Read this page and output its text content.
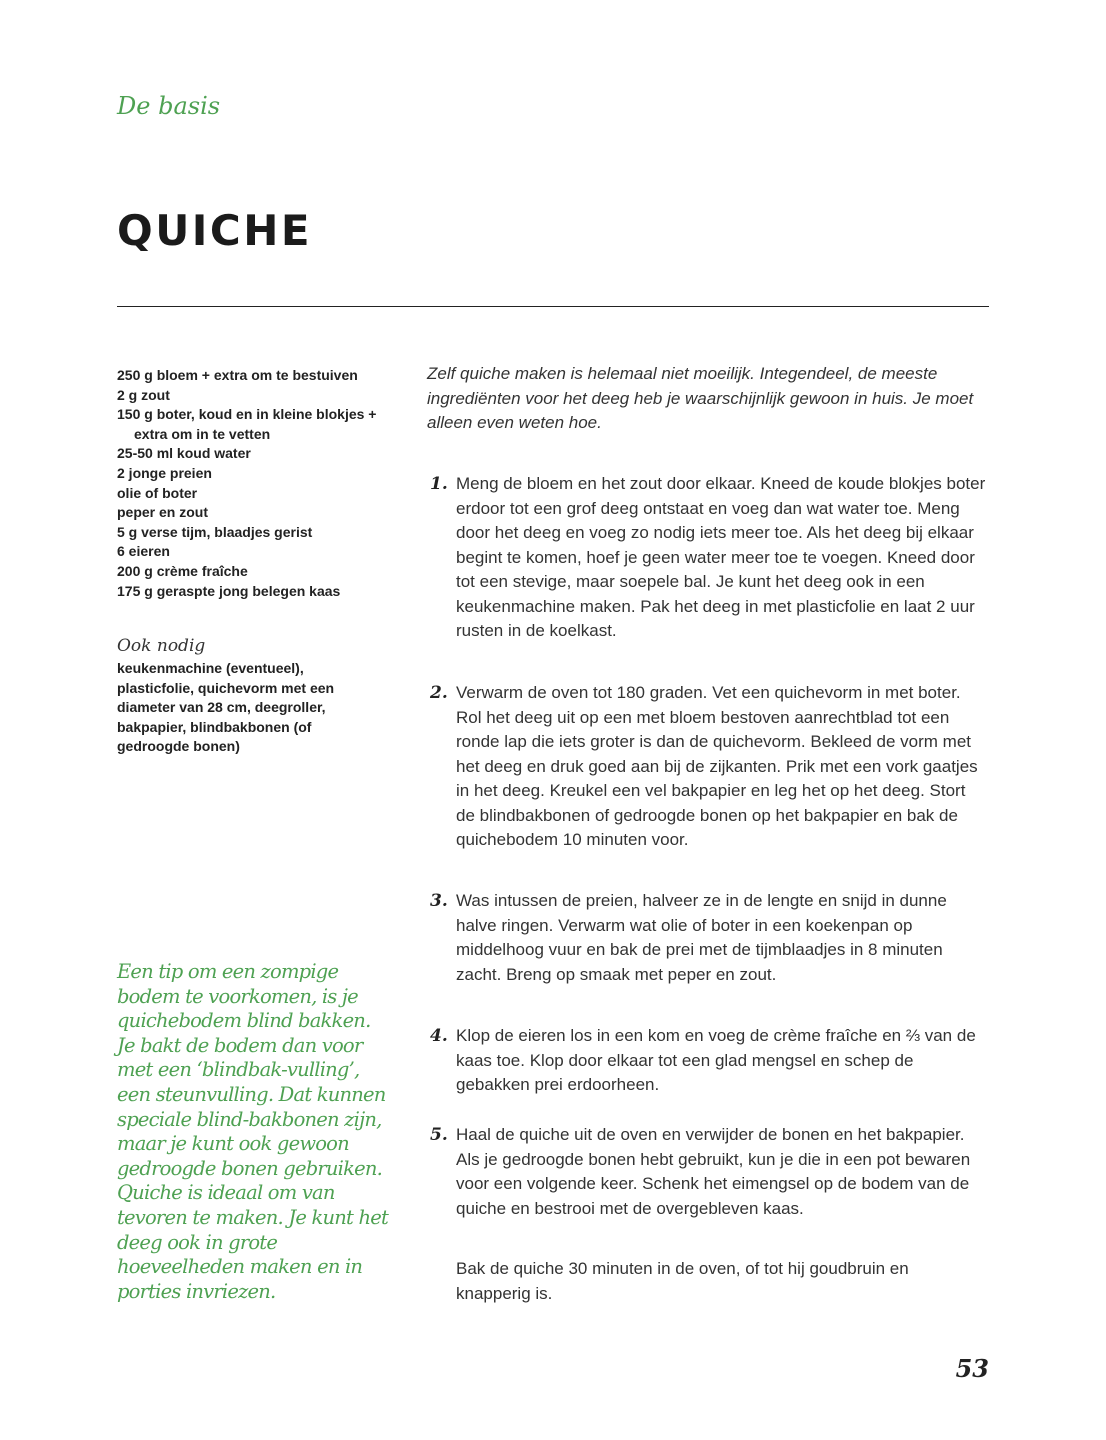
De basis
QUICHE
250 g bloem + extra om te bestuiven
2 g zout
150 g boter, koud en in kleine blokjes + extra om in te vetten
25-50 ml koud water
2 jonge preien
olie of boter
peper en zout
5 g verse tijm, blaadjes gerist
6 eieren
200 g crème fraîche
175 g geraspte jong belegen kaas
Ook nodig

keukenmachine (eventueel), plasticfolie, quichevorm met een diameter van 28 cm, deegroller, bakpapier, blindbakbonen (of gedroogde bonen)

Een tip om een zompige bodem te voorkomen, is je quichebodem blind bakken. Je bakt de bodem dan voor met een ‘blindbak-vulling’, een steunvulling. Dat kunnen speciale blind-bakbonen zijn, maar je kunt ook gewoon gedroogde bonen gebruiken. Quiche is ideaal om van tevoren te maken. Je kunt het deeg ook in grote hoeveelheden maken en in porties invriezen.

Zelf quiche maken is helemaal niet moeilijk. Integendeel, de meeste ingrediënten voor het deeg heb je waarschijnlijk gewoon in huis. Je moet alleen even weten hoe.

1. Meng de bloem en het zout door elkaar. Kneed de koude blokjes boter erdoor tot een grof deeg ontstaat en voeg dan wat water toe. Meng door het deeg en voeg zo nodig iets meer toe. Als het deeg bij elkaar begint te komen, hoef je geen water meer toe te voegen. Kneed door tot een stevige, maar soepele bal. Je kunt het deeg ook in een keukenmachine maken. Pak het deeg in met plasticfolie en laat 2 uur rusten in de koelkast.

2. Verwarm de oven tot 180 graden. Vet een quichevorm in met boter. Rol het deeg uit op een met bloem bestoven aanrechtblad tot een ronde lap die iets groter is dan de quichevorm. Bekleed de vorm met het deeg en druk goed aan bij de zijkanten. Prik met een vork gaatjes in het deeg. Kreukel een vel bakpapier en leg het op het deeg. Stort de blindbakbonen of gedroogde bonen op het bakpapier en bak de quichebodem 10 minuten voor.

3. Was intussen de preien, halveer ze in de lengte en snijd in dunne halve ringen. Verwarm wat olie of boter in een koekenpan op middelhoog vuur en bak de prei met de tijmblaadjes in 8 minuten zacht. Breng op smaak met peper en zout.

4. Klop de eieren los in een kom en voeg de crème fraîche en ⅔ van de kaas toe. Klop door elkaar tot een glad mengsel en schep de gebakken prei erdoorheen.

5. Haal de quiche uit de oven en verwijder de bonen en het bakpapier. Als je gedroogde bonen hebt gebruikt, kun je die in een pot bewaren voor een volgende keer. Schenk het eimengsel op de bodem van de quiche en bestrooi met de overgebleven kaas.

Bak de quiche 30 minuten in de oven, of tot hij goudbruin en knapperig is.

53
